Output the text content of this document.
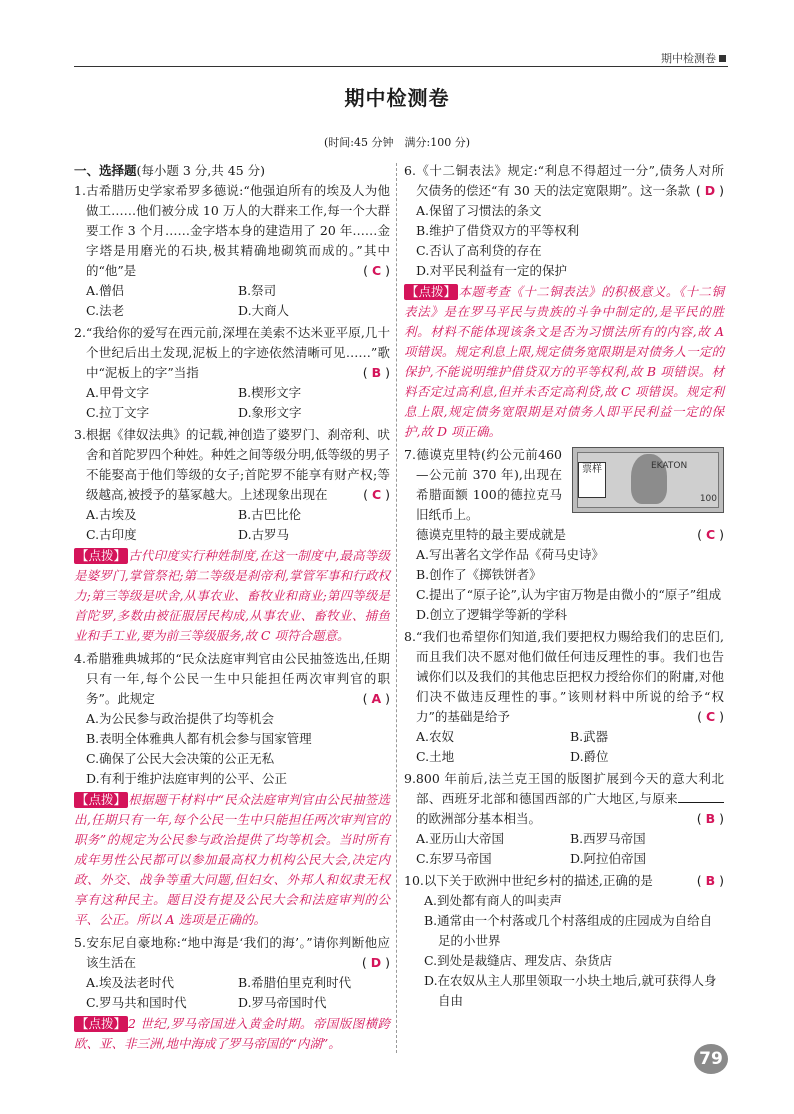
期中检测卷
期中检测卷
(时间:45 分钟　满分:100 分)
一、选择题(每小题 3 分,共 45 分)
1.古希腊历史学家希罗多德说:“他强迫所有的埃及人为他做工……他们被分成 10 万人的大群来工作,每一个大群要工作 3 个月……金字塔本身的建造用了 20 年……金字塔是用磨光的石块,极其精确地砌筑而成的。”其中的“他”是	( C )
A.僧侣	B.祭司
C.法老	D.大商人
2.“我给你的爱写在西元前,深埋在美索不达米亚平原,几十个世纪后出土发现,泥板上的字迹依然清晰可见……”歌中“泥板上的字”当指	( B )
A.甲骨文字	B.楔形文字
C.拉丁文字	D.象形文字
3.根据《律奴法典》的记载,神创造了婆罗门、刹帝利、吠舍和首陀罗四个种姓。种姓之间等级分明,低等级的男子不能娶高于他们等级的女子;首陀罗不能享有财产权;等级越高,被授予的墓冢越大。上述现象出现在	( C )
A.古埃及	B.古巴比伦
C.古印度	D.古罗马
【点拨】 古代印度实行种姓制度,在这一制度中,最高等级是婆罗门,掌管祭祀;第二等级是刹帝利,掌管军事和行政权力;第三等级是吠舍,从事农业、畜牧业和商业;第四等级是首陀罗,多数由被征服居民构成,从事农业、畜牧业、捕鱼业和手工业,要为前三等级服务,故 C 项符合题意。
4.希腊雅典城邦的“民众法庭审判官由公民抽签选出,任期只有一年,每个公民一生中只能担任两次审判官的职务”。此规定	( A )
A.为公民参与政治提供了均等机会
B.表明全体雅典人都有机会参与国家管理
C.确保了公民大会决策的公正无私
D.有利于维护法庭审判的公平、公正
【点拨】 根据题干材料中“民众法庭审判官由公民抽签选出,任期只有一年,每个公民一生中只能担任两次审判官的职务”的规定为公民参与政治提供了均等机会。当时所有成年男性公民都可以参加最高权力机构公民大会,决定内政、外交、战争等重大问题,但妇女、外邦人和奴隶无权享有这种民主。题目没有提及公民大会和法庭审判的公平、公正。所以 A 选项是正确的。
5.安东尼自豪地称:“地中海是‘我们的海’。”请你判断他应该生活在	( D )
A.埃及法老时代	B.希腊伯里克利时代
C.罗马共和国时代	D.罗马帝国时代
【点拨】 2 世纪,罗马帝国进入黄金时期。帝国版图横跨欧、亚、非三洲,地中海成了罗马帝国的“内湖”。
6.《十二铜表法》规定:“利息不得超过一分”,债务人对所欠债务的偿还“有 30 天的法定宽限期”。这一条款 ( D )
A.保留了习惯法的条文
B.维护了借贷双方的平等权利
C.否认了高利贷的存在
D.对平民利益有一定的保护
【点拨】 本题考查《十二铜表法》的积极意义。《十二铜表法》是在罗马平民与贵族的斗争中制定的,是平民的胜利。材料不能体现该条文是否为习惯法所有的内容,故 A 项错误。规定利息上限,规定债务宽限期是对债务人一定的保护,不能说明维护借贷双方的平等权利,故 B 项错误。材料否定过高利息,但并未否定高利贷,故 C 项错误。规定利息上限,规定债务宽限期是对债务人即平民利益一定的保护,故 D 项正确。
7.德谟克里特(约公元前460—公元前 370 年),出现在希腊面额 100的德拉克马旧纸币上。
EKATON
票样
100
德谟克里特的最主要成就是	( C )
A.写出著名文学作品《荷马史诗》
B.创作了《掷铁饼者》
C.提出了“原子论”,认为宇宙万物是由微小的“原子”组成
D.创立了逻辑学等新的学科
8.“我们也希望你们知道,我们要把权力赐给我们的忠臣们,而且我们决不愿对他们做任何违反理性的事。我们也告诫你们以及我们的其他忠臣把权力授给你们的附庸,对他们决不做违反理性的事。”该则材料中所说的给予“权力”的基础是给予	( C )
A.农奴	B.武器
C.土地	D.爵位
9.800 年前后,法兰克王国的版图扩展到今天的意大利北部、西班牙北部和德国西部的广大地区,与原来的欧洲部分基本相当。	( B )
A.亚历山大帝国	B.西罗马帝国
C.东罗马帝国	D.阿拉伯帝国
10.以下关于欧洲中世纪乡村的描述,正确的是	( B )
A.到处都有商人的叫卖声
B.通常由一个村落或几个村落组成的庄园成为自给自足的小世界
C.到处是裁缝店、理发店、杂货店
D.在农奴从主人那里领取一小块土地后,就可获得人身自由
79
